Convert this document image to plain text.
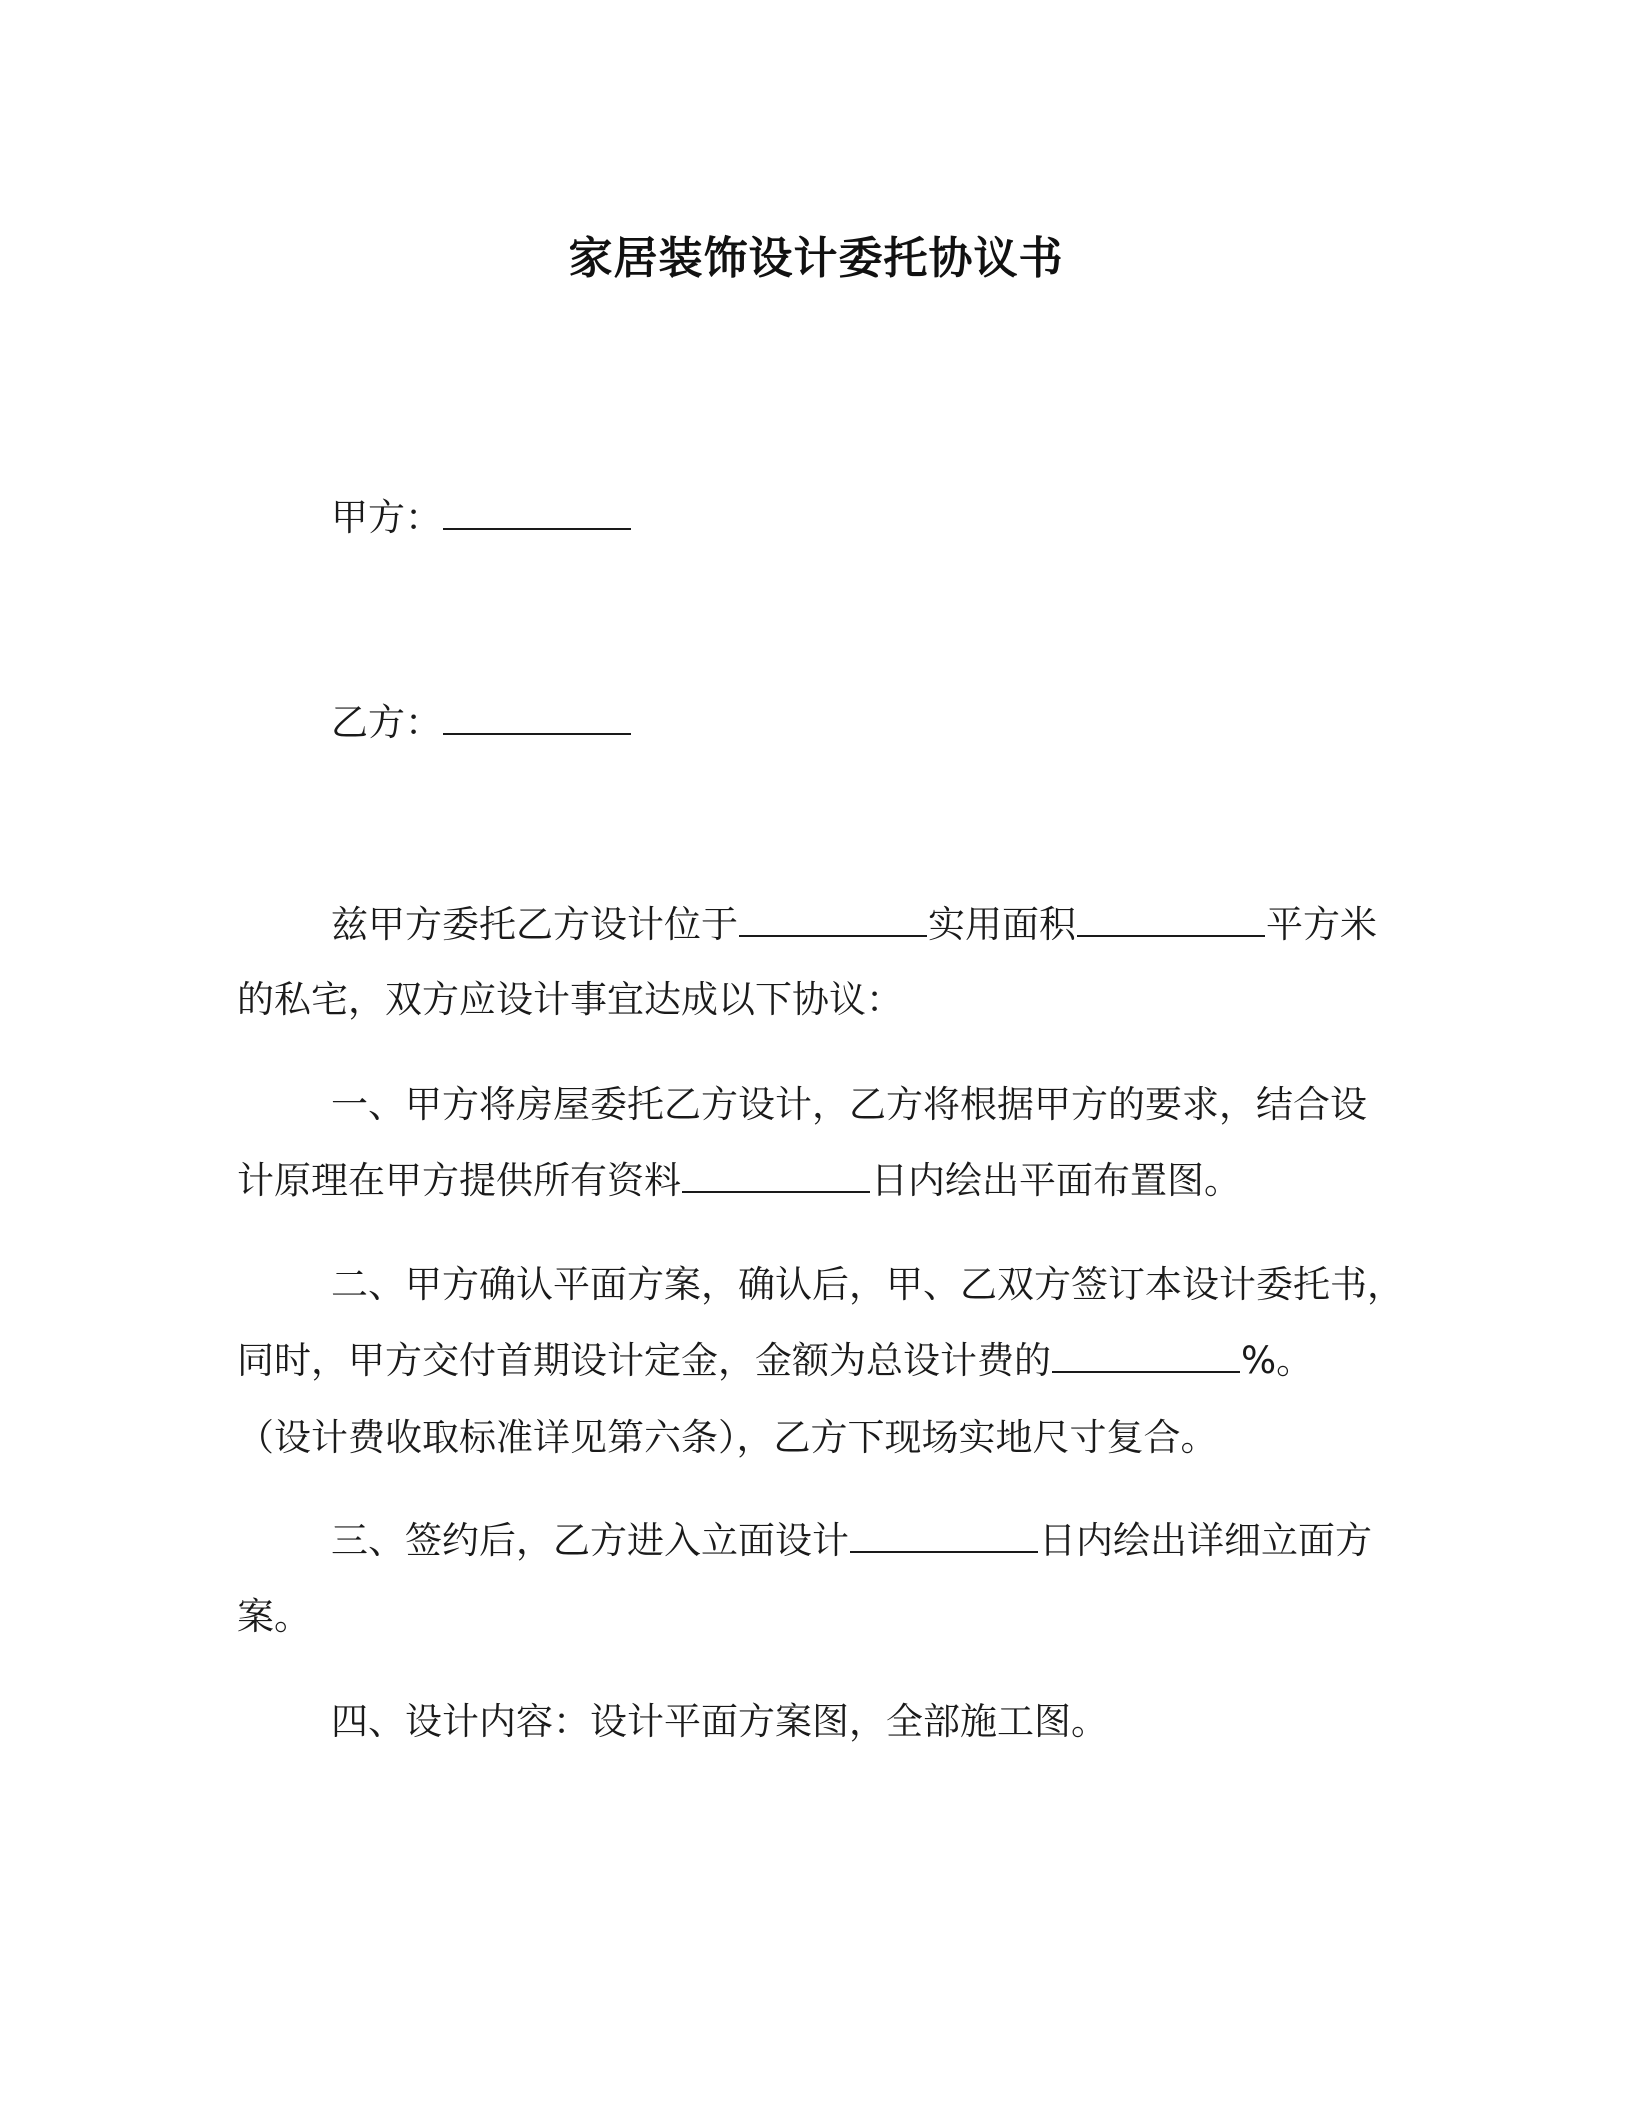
家居装饰设计委托协议书
甲方：
乙方：
兹甲方委托乙方设计位于	实用面积	平方米
的私宅，双方应设计事宜达成以下协议：
一、甲方将房屋委托乙方设计，乙方将根据甲方的要求，结合设
计原理在甲方提供所有资料	日内绘出平面布置图。
二、甲方确认平面方案，确认后，甲、乙双方签订本设计委托书，
同时，甲方交付首期设计定金，金额为总设计费的	%。
（设计费收取标准详见第六条），乙方下现场实地尺寸复合。
三、签约后，乙方进入立面设计	日内绘出详细立面方
案。
四、设计内容：设计平面方案图，全部施工图。
